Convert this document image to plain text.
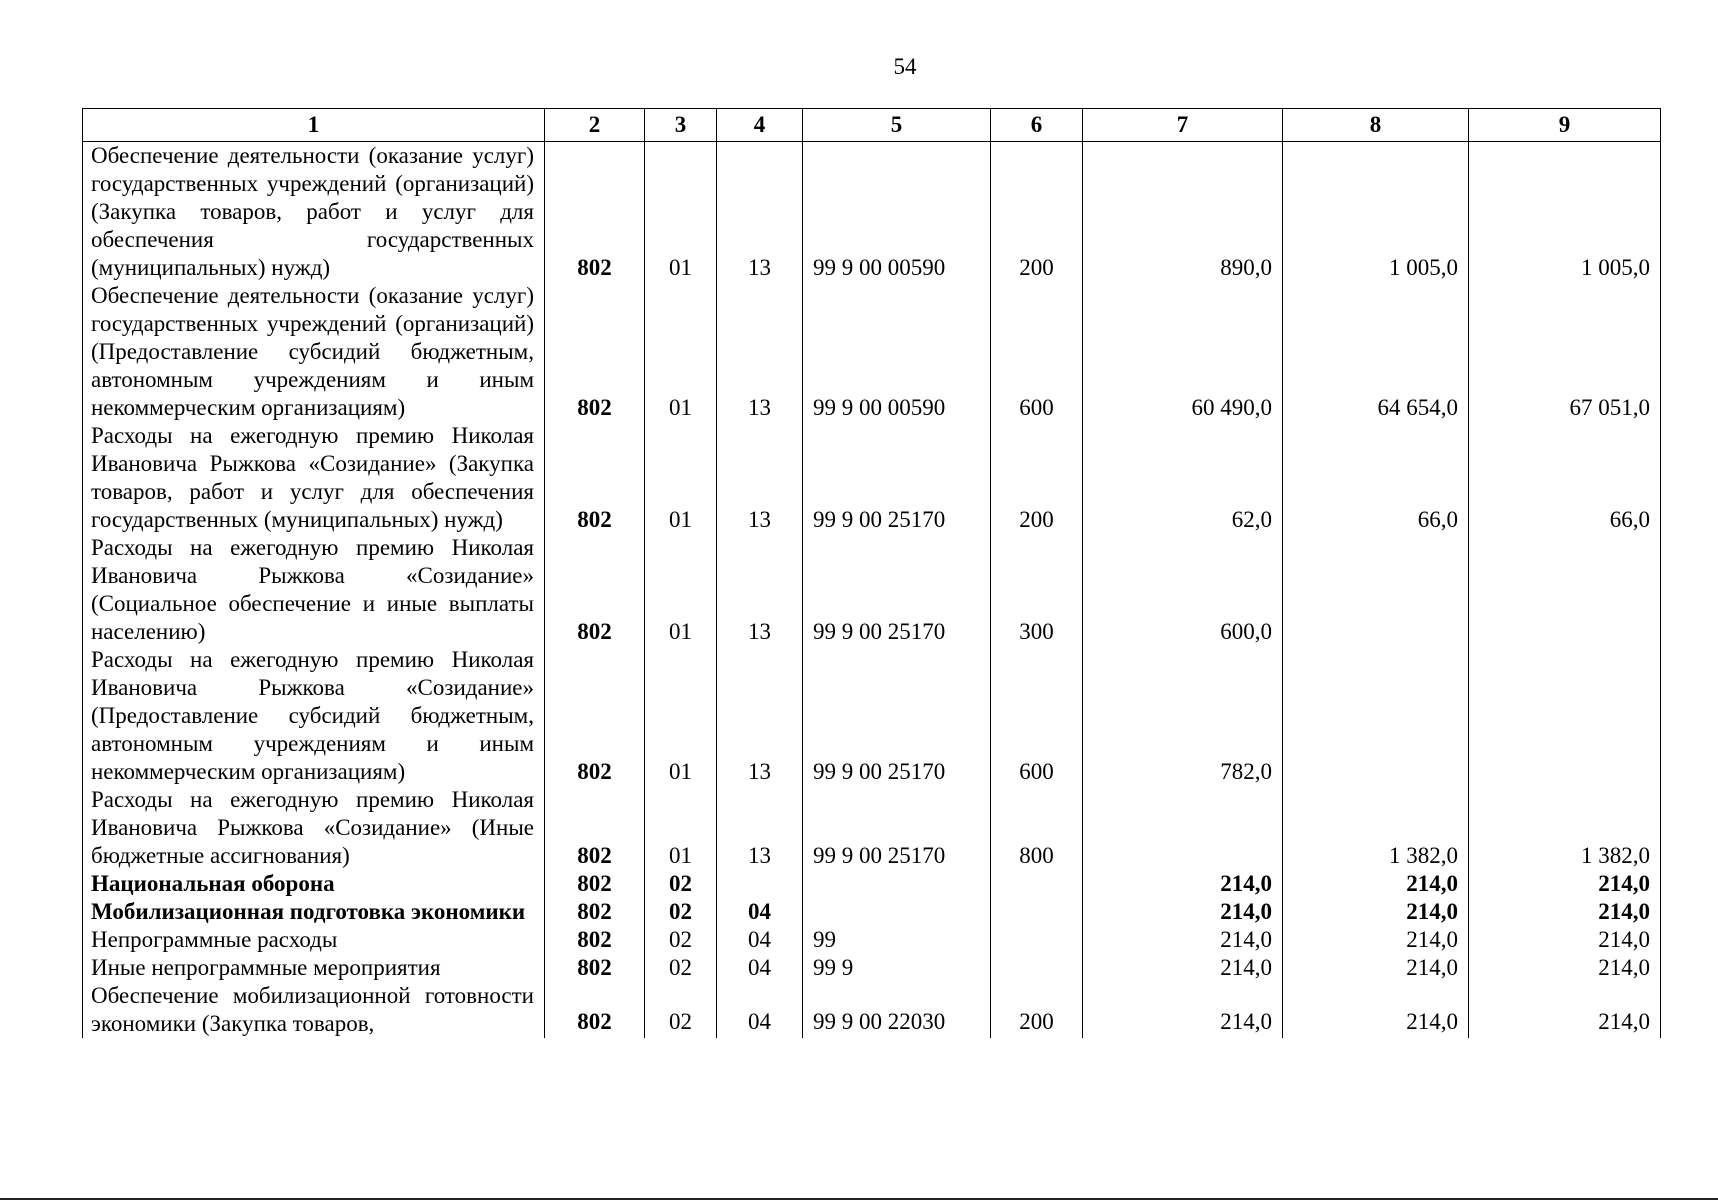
54
1	2	3	4	5	6	7	8	9
Обеспечение деятельности (оказание услуг) государственных учреждений (организаций) (Закупка товаров, работ и услуг для обеспечения государственных (муниципальных) нужд)	802	01	13	99 9 00 00590	200	890,0	1 005,0	1 005,0
Обеспечение деятельности (оказание услуг) государственных учреждений (организаций) (Предоставление субсидий бюджетным, автономным учреждениям и иным некоммерческим организациям)	802	01	13	99 9 00 00590	600	60 490,0	64 654,0	67 051,0
Расходы на ежегодную премию Николая Ивановича Рыжкова «Созидание» (Закупка товаров, работ и услуг для обеспечения государственных (муниципальных) нужд)	802	01	13	99 9 00 25170	200	62,0	66,0	66,0
Расходы на ежегодную премию Николая Ивановича Рыжкова «Созидание» (Социальное обеспечение и иные выплаты населению)	802	01	13	99 9 00 25170	300	600,0		
Расходы на ежегодную премию Николая Ивановича Рыжкова «Созидание» (Предоставление субсидий бюджетным, автономным учреждениям и иным некоммерческим организациям)	802	01	13	99 9 00 25170	600	782,0		
Расходы на ежегодную премию Николая Ивановича Рыжкова «Созидание» (Иные бюджетные ассигнования)	802	01	13	99 9 00 25170	800		1 382,0	1 382,0
Национальная оборона	802	02				214,0	214,0	214,0
Мобилизационная подготовка экономики	802	02	04			214,0	214,0	214,0
Непрограммные расходы	802	02	04	99		214,0	214,0	214,0
Иные непрограммные мероприятия	802	02	04	99 9		214,0	214,0	214,0
Обеспечение мобилизационной готовности экономики (Закупка товаров,	802	02	04	99 9 00 22030	200	214,0	214,0	214,0
